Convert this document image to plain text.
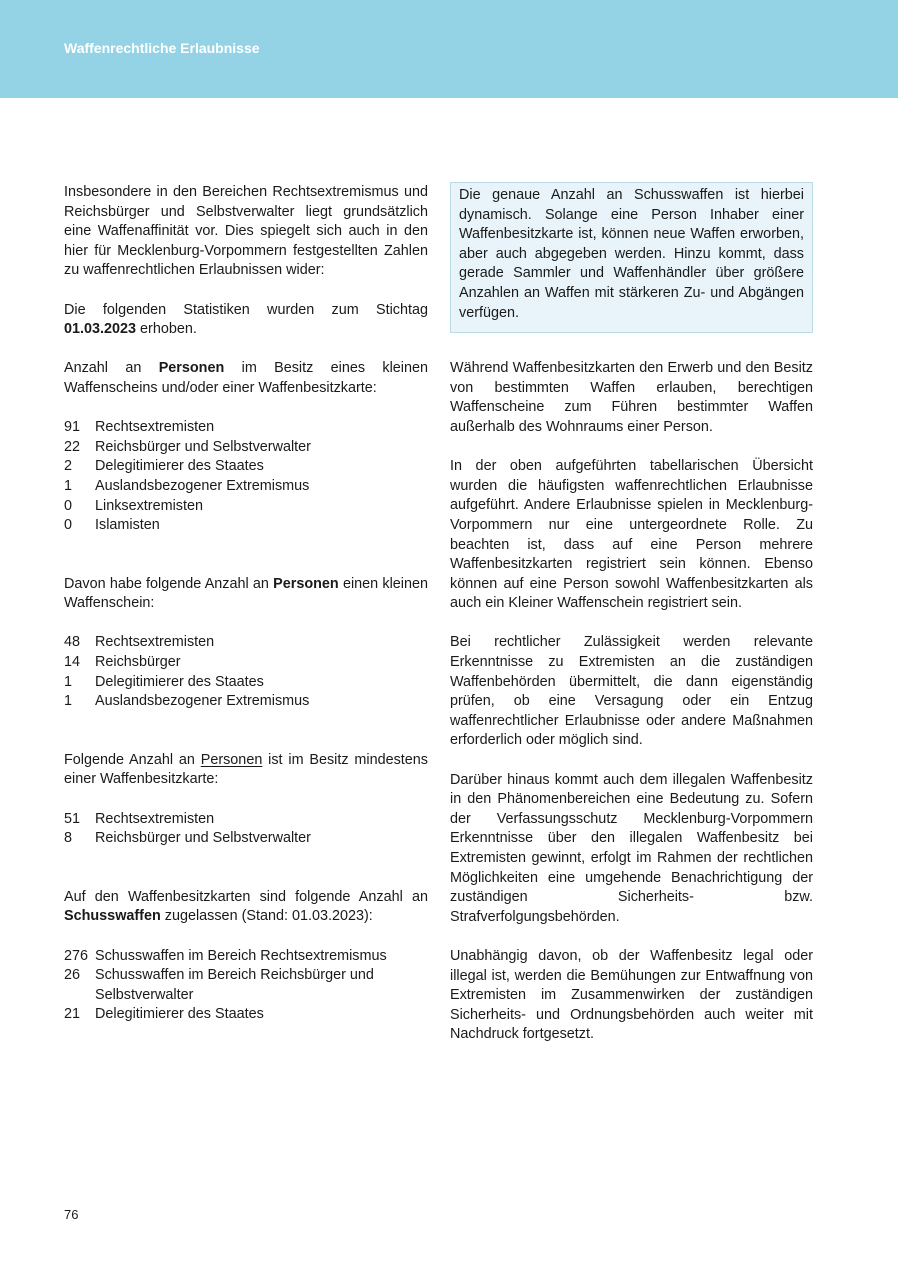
Waffenrechtliche Erlaubnisse

Insbesondere in den Bereichen Rechtsextremismus und Reichsbürger und Selbstverwalter liegt grundsätzlich eine Waffenaffinität vor. Dies spiegelt sich auch in den hier für Mecklenburg-Vorpommern festgestellten Zahlen zu waffenrechtlichen Erlaubnissen wider:

Die folgenden Statistiken wurden zum Stichtag 01.03.2023 erhoben.

Anzahl an Personen im Besitz eines kleinen Waffenscheins und/oder einer Waffenbesitzkarte:

91 Rechtsextremisten
22 Reichsbürger und Selbstverwalter
2 Delegitimierer des Staates
1 Auslandsbezogener Extremismus
0 Linksextremisten
0 Islamisten

Davon habe folgende Anzahl an Personen einen kleinen Waffenschein:

48 Rechtsextremisten
14 Reichsbürger
1 Delegitimierer des Staates
1 Auslandsbezogener Extremismus

Folgende Anzahl an Personen ist im Besitz mindestens einer Waffenbesitzkarte:

51 Rechtsextremisten
8 Reichsbürger und Selbstverwalter

Auf den Waffenbesitzkarten sind folgende Anzahl an Schusswaffen zugelassen (Stand: 01.03.2023):

276 Schusswaffen im Bereich Rechtsextremismus
26 Schusswaffen im Bereich Reichsbürger und Selbstverwalter
21 Delegitimierer des Staates

Die genaue Anzahl an Schusswaffen ist hierbei dynamisch. Solange eine Person Inhaber einer Waffenbesitzkarte ist, können neue Waffen erworben, aber auch abgegeben werden. Hinzu kommt, dass gerade Sammler und Waffenhändler über größere Anzahlen an Waffen mit stärkeren Zu- und Abgängen verfügen.

Während Waffenbesitzkarten den Erwerb und den Besitz von bestimmten Waffen erlauben, berechtigen Waffenscheine zum Führen bestimmter Waffen außerhalb des Wohnraums einer Person.

In der oben aufgeführten tabellarischen Übersicht wurden die häufigsten waffenrechtlichen Erlaubnisse aufgeführt. Andere Erlaubnisse spielen in Mecklenburg-Vorpommern nur eine untergeordnete Rolle. Zu beachten ist, dass auf eine Person mehrere Waffenbesitzkarten registriert sein können. Ebenso können auf eine Person sowohl Waffenbesitzkarten als auch ein Kleiner Waffenschein registriert sein.

Bei rechtlicher Zulässigkeit werden relevante Erkenntnisse zu Extremisten an die zuständigen Waffenbehörden übermittelt, die dann eigenständig prüfen, ob eine Versagung oder ein Entzug waffenrechtlicher Erlaubnisse oder andere Maßnahmen erforderlich oder möglich sind.

Darüber hinaus kommt auch dem illegalen Waffenbesitz in den Phänomenbereichen eine Bedeutung zu. Sofern der Verfassungsschutz Mecklenburg-Vorpommern Erkenntnisse über den illegalen Waffenbesitz bei Extremisten gewinnt, erfolgt im Rahmen der rechtlichen Möglichkeiten eine umgehende Benachrichtigung der zuständigen Sicherheits- bzw. Strafverfolgungsbehörden.

Unabhängig davon, ob der Waffenbesitz legal oder illegal ist, werden die Bemühungen zur Entwaffnung von Extremisten im Zusammenwirken der zuständigen Sicherheits- und Ordnungsbehörden auch weiter mit Nachdruck fortgesetzt.

76
